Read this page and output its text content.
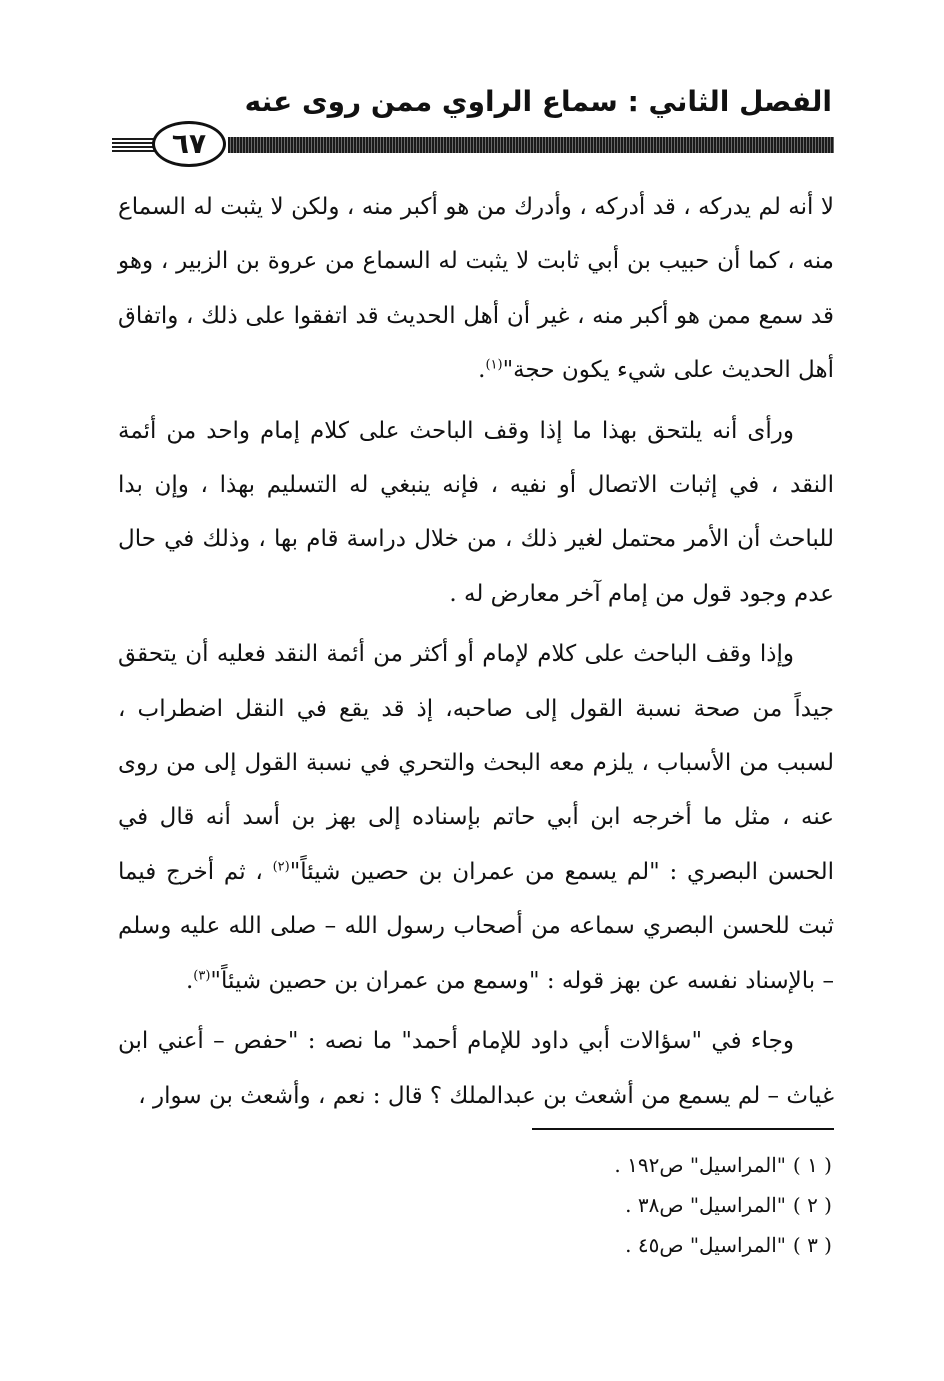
الفصل الثاني : سماع الراوي ممن روى عنه
٦٧

لا أنه لم يدركه ، قد أدركه ، وأدرك من هو أكبر منه ، ولكن لا يثبت له السماع منه ، كما أن حبيب بن أبي ثابت لا يثبت له السماع من عروة بن الزبير ، وهو قد سمع ممن هو أكبر منه ، غير أن أهل الحديث قد اتفقوا على ذلك ، واتفاق أهل الحديث على شيء يكون حجة"$^{(١)}$.

ورأى أنه يلتحق بهذا ما إذا وقف الباحث على كلام إمام واحد من أئمة النقد ، في إثبات الاتصال أو نفيه ، فإنه ينبغي له التسليم بهذا ، وإن بدا للباحث أن الأمر محتمل لغير ذلك ، من خلال دراسة قام بها ، وذلك في حال عدم وجود قول من إمام آخر معارض له .

وإذا وقف الباحث على كلام لإمام أو أكثر من أئمة النقد فعليه أن يتحقق جيداً من صحة نسبة القول إلى صاحبه، إذ قد يقع في النقل اضطراب ، لسبب من الأسباب ، يلزم معه البحث والتحري في نسبة القول إلى من روى عنه ، مثل ما أخرجه ابن أبي حاتم بإسناده إلى بهز بن أسد أنه قال في الحسن البصري : "لم يسمع من عمران بن حصين شيئاً"$^{(٢)}$ ، ثم أخرج فيما ثبت للحسن البصري سماعه من أصحاب رسول الله – صلى الله عليه وسلم – بالإسناد نفسه عن بهز قوله : "وسمع من عمران بن حصين شيئاً"$^{(٣)}$.

وجاء في "سؤالات أبي داود للإمام أحمد" ما نصه : "حفص – أعني ابن غياث – لم يسمع من أشعث بن عبدالملك ؟ قال : نعم ، وأشعث بن سوار ،

( ١ )"المراسيل" ص١٩٢ .
( ٢ )"المراسيل" ص٣٨ .
( ٣ )"المراسيل" ص٤٥ .
